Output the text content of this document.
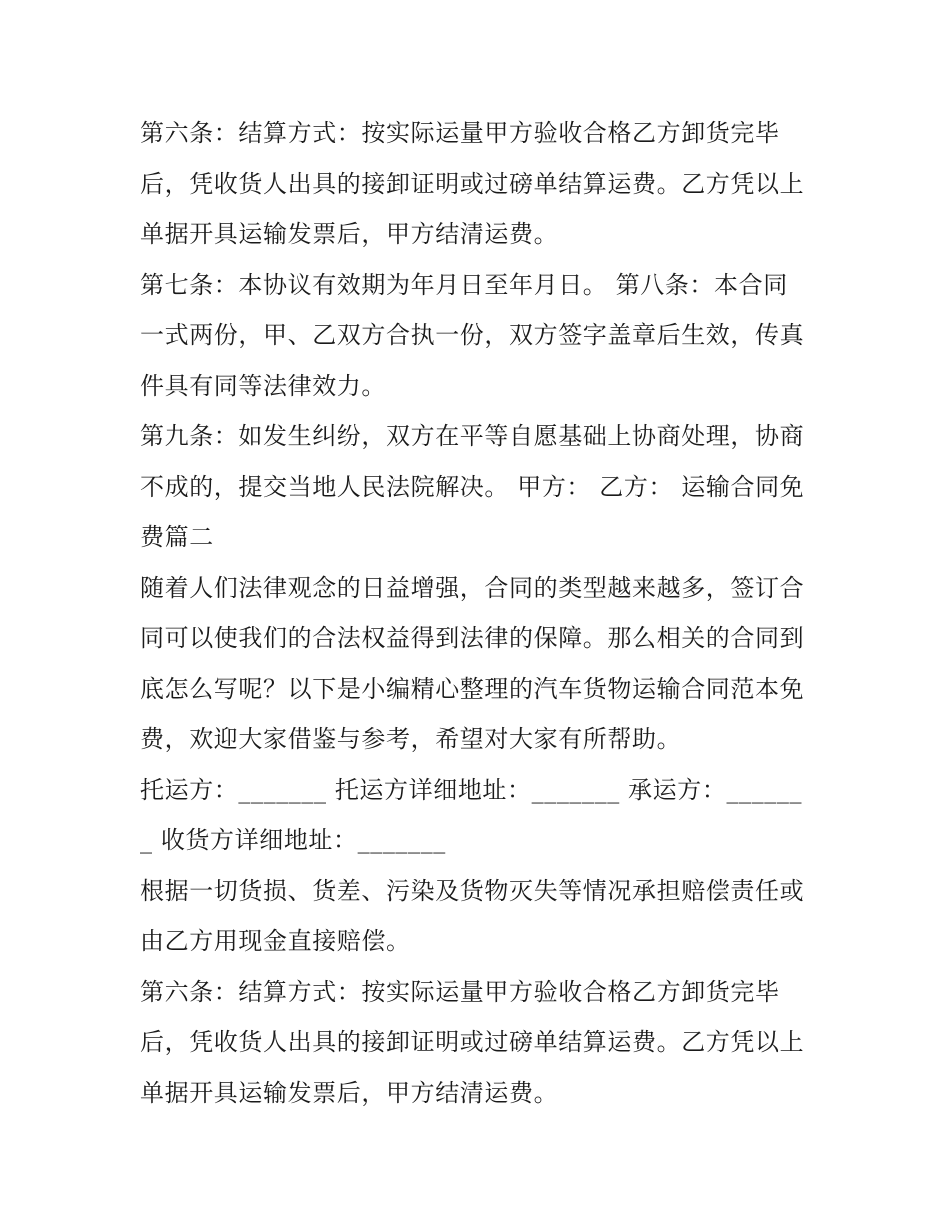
第六条：结算方式：按实际运量甲方验收合格乙方卸货完毕后，凭收货人出具的接卸证明或过磅单结算运费。乙方凭以上单据开具运输发票后，甲方结清运费。

第七条：本协议有效期为年月日至年月日。 第八条：本合同一式两份，甲、乙双方合执一份，双方签字盖章后生效，传真件具有同等法律效力。

第九条：如发生纠纷，双方在平等自愿基础上协商处理，协商不成的，提交当地人民法院解决。 甲方： 乙方： 运输合同免费篇二

随着人们法律观念的日益增强，合同的类型越来越多，签订合同可以使我们的合法权益得到法律的保障。那么相关的合同到底怎么写呢？以下是小编精心整理的汽车货物运输合同范本免费，欢迎大家借鉴与参考，希望对大家有所帮助。

托运方：_______ 托运方详细地址：_______ 承运方：_______ 收货方详细地址：_______

根据一切货损、货差、污染及货物灭失等情况承担赔偿责任或由乙方用现金直接赔偿。

第六条：结算方式：按实际运量甲方验收合格乙方卸货完毕后，凭收货人出具的接卸证明或过磅单结算运费。乙方凭以上单据开具运输发票后，甲方结清运费。
